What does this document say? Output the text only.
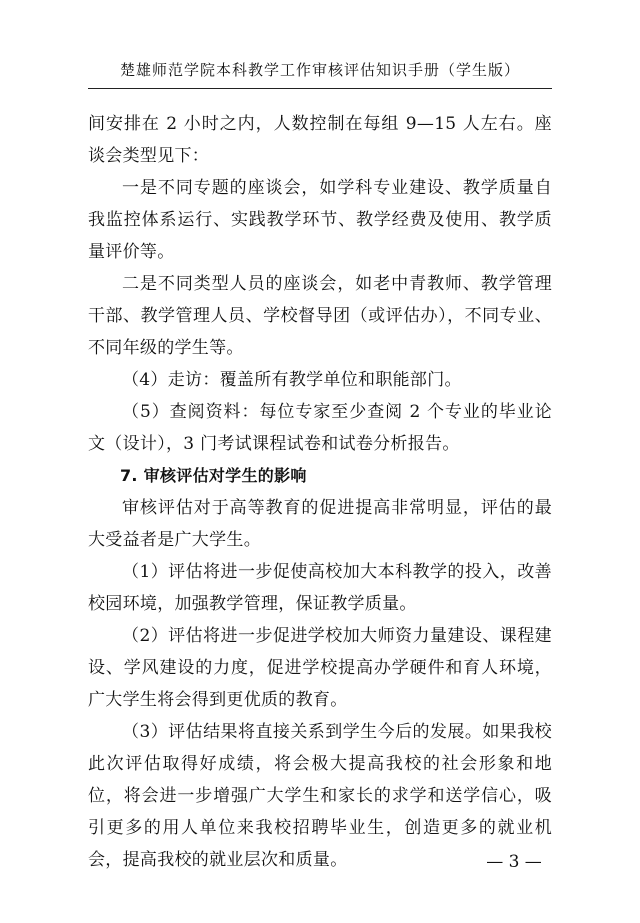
楚雄师范学院本科教学工作审核评估知识手册（学生版）

间安排在 2 小时之内，人数控制在每组 9—15 人左右。座谈会类型见下：

一是不同专题的座谈会，如学科专业建设、教学质量自我监控体系运行、实践教学环节、教学经费及使用、教学质量评价等。

二是不同类型人员的座谈会，如老中青教师、教学管理干部、教学管理人员、学校督导团（或评估办），不同专业、不同年级的学生等。

（4）走访：覆盖所有教学单位和职能部门。

（5）查阅资料：每位专家至少查阅 2 个专业的毕业论文（设计），3 门考试课程试卷和试卷分析报告。

7. 审核评估对学生的影响

审核评估对于高等教育的促进提高非常明显，评估的最大受益者是广大学生。

（1）评估将进一步促使高校加大本科教学的投入，改善校园环境，加强教学管理，保证教学质量。

（2）评估将进一步促进学校加大师资力量建设、课程建设、学风建设的力度，促进学校提高办学硬件和育人环境，广大学生将会得到更优质的教育。

（3）评估结果将直接关系到学生今后的发展。如果我校此次评估取得好成绩，将会极大提高我校的社会形象和地位，将会进一步增强广大学生和家长的求学和送学信心，吸引更多的用人单位来我校招聘毕业生，创造更多的就业机会，提高我校的就业层次和质量。	— 3 —
